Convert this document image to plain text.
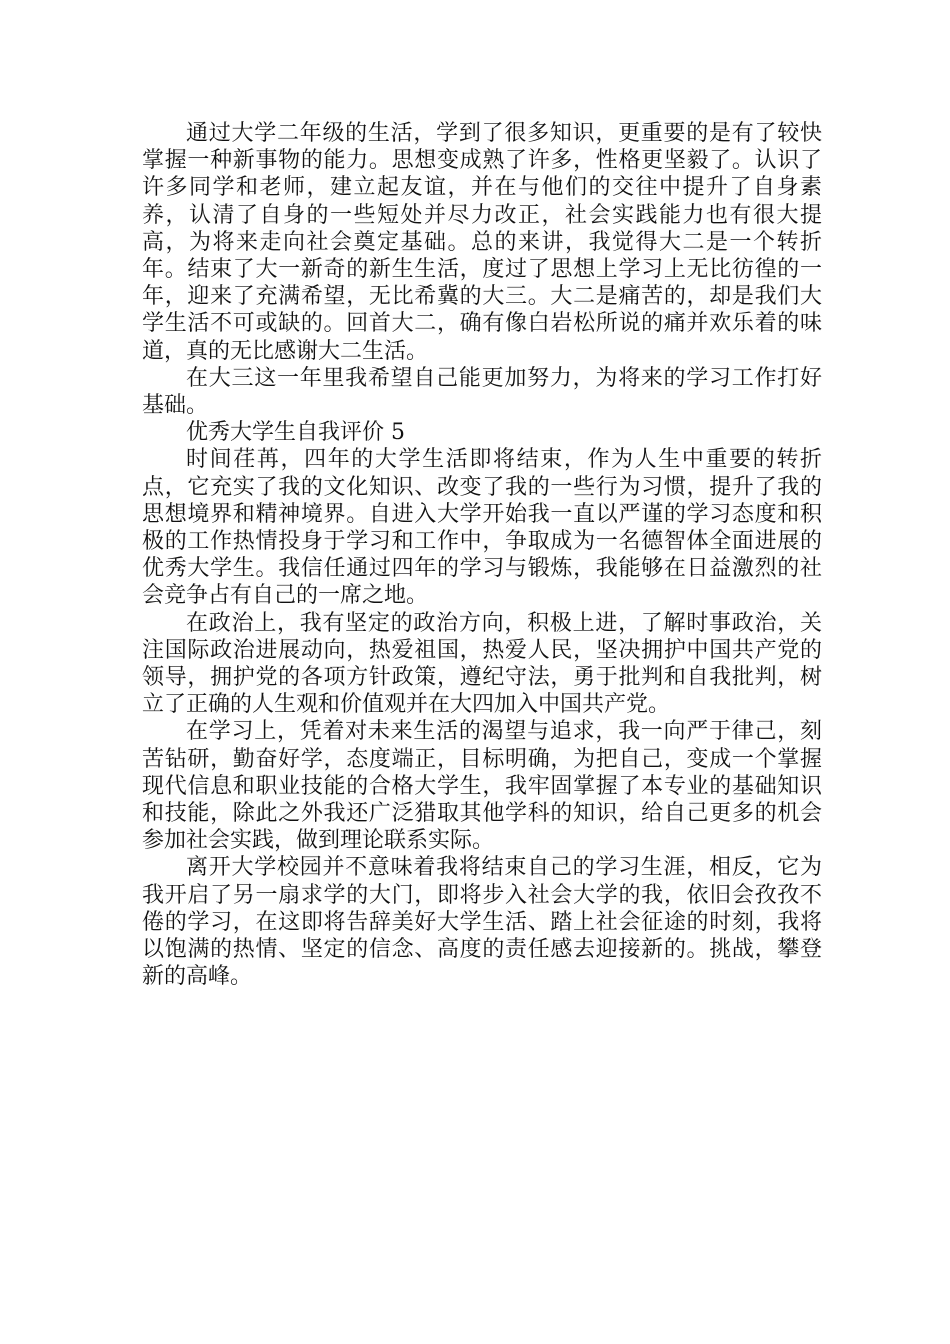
通过大学二年级的生活，学到了很多知识，更重要的是有了较快掌握一种新事物的能力。思想变成熟了许多，性格更坚毅了。认识了许多同学和老师，建立起友谊，并在与他们的交往中提升了自身素养，认清了自身的一些短处并尽力改正，社会实践能力也有很大提高，为将来走向社会奠定基础。总的来讲，我觉得大二是一个转折年。结束了大一新奇的新生生活，度过了思想上学习上无比彷徨的一年，迎来了充满希望，无比希冀的大三。大二是痛苦的，却是我们大学生活不可或缺的。回首大二，确有像白岩松所说的痛并欢乐着的味道，真的无比感谢大二生活。

在大三这一年里我希望自己能更加努力，为将来的学习工作打好基础。

优秀大学生自我评价 5

时间荏苒，四年的大学生活即将结束，作为人生中重要的转折点，它充实了我的文化知识、改变了我的一些行为习惯，提升了我的思想境界和精神境界。自进入大学开始我一直以严谨的学习态度和积极的工作热情投身于学习和工作中，争取成为一名德智体全面进展的优秀大学生。我信任通过四年的学习与锻炼，我能够在日益激烈的社会竞争占有自己的一席之地。

在政治上，我有坚定的政治方向，积极上进，了解时事政治，关注国际政治进展动向，热爱祖国，热爱人民，坚决拥护中国共产党的领导，拥护党的各项方针政策，遵纪守法，勇于批判和自我批判，树立了正确的人生观和价值观并在大四加入中国共产党。

在学习上，凭着对未来生活的渴望与追求，我一向严于律己，刻苦钻研，勤奋好学，态度端正，目标明确，为把自己，变成一个掌握现代信息和职业技能的合格大学生，我牢固掌握了本专业的基础知识和技能，除此之外我还广泛猎取其他学科的知识，给自己更多的机会参加社会实践，做到理论联系实际。

离开大学校园并不意味着我将结束自己的学习生涯，相反，它为我开启了另一扇求学的大门，即将步入社会大学的我，依旧会孜孜不倦的学习，在这即将告辞美好大学生活、踏上社会征途的时刻，我将以饱满的热情、坚定的信念、高度的责任感去迎接新的。挑战，攀登新的高峰。
